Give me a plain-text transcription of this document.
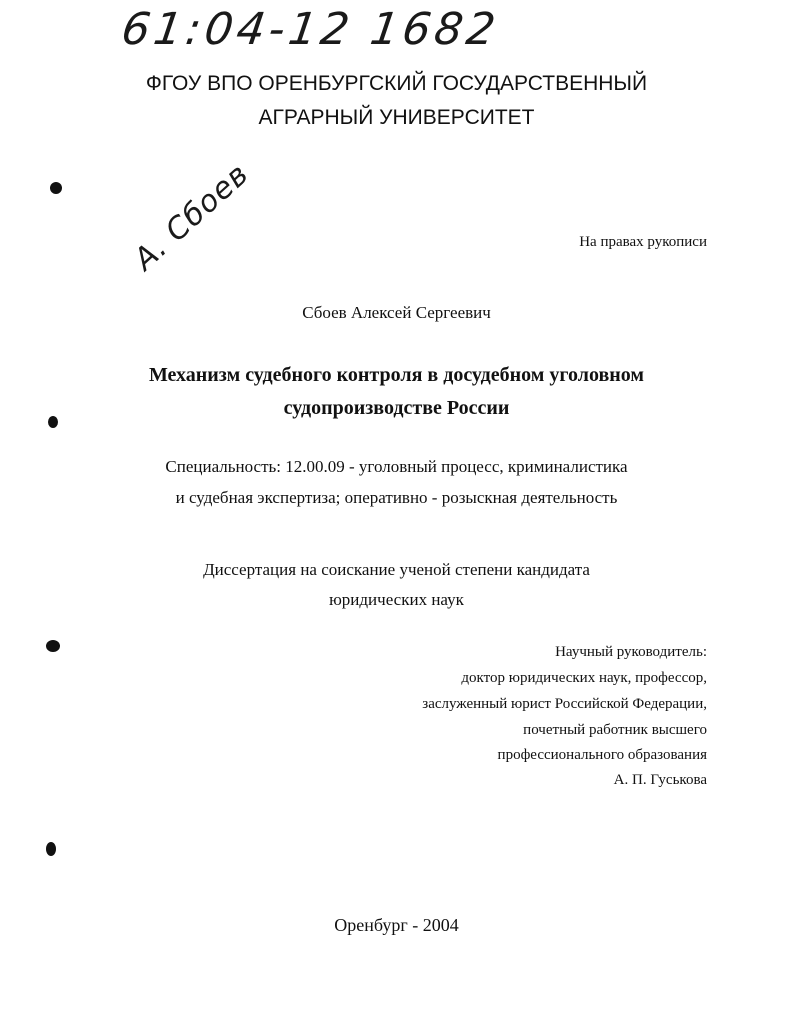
61:04-12 1682
ФГОУ ВПО ОРЕНБУРГСКИЙ ГОСУДАРСТВЕННЫЙ
АГРАРНЫЙ УНИВЕРСИТЕТ
А. Сбоев	На правах рукописи
Сбоев Алексей Сергеевич
Механизм судебного контроля в досудебном уголовном
судопроизводстве России
Специальность: 12.00.09 - уголовный процесс, криминалистика
и судебная экспертиза; оперативно - розыскная деятельность
Диссертация на соискание ученой степени кандидата
юридических наук
Научный руководитель:
доктор юридических наук, профессор,
заслуженный юрист Российской Федерации,
почетный работник высшего
профессионального образования
А. П. Гуськова
Оренбург - 2004
